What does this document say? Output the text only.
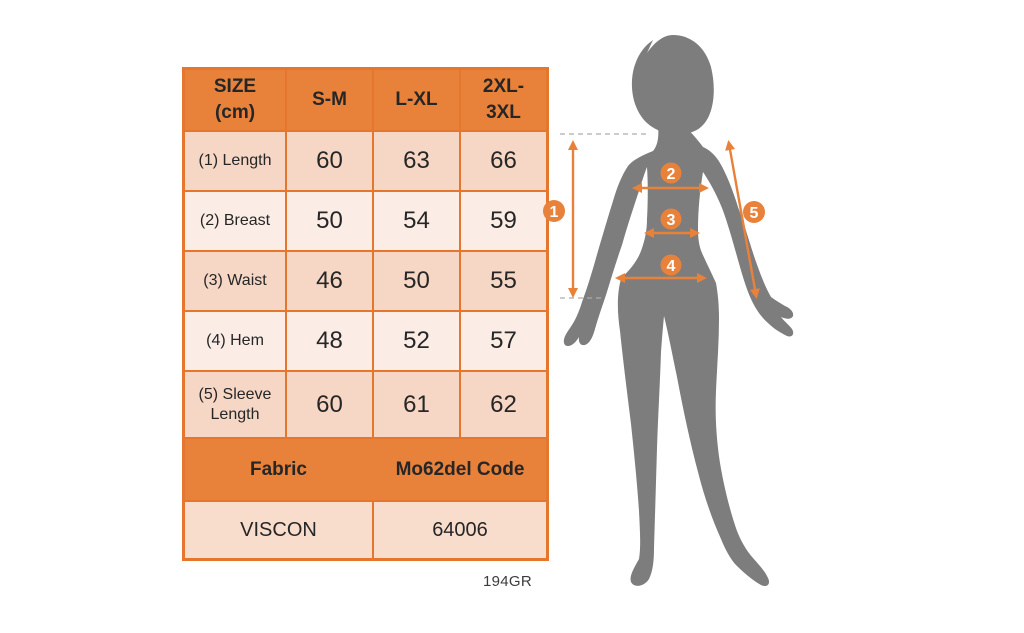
SIZE (cm)	S-M	L-XL	2XL-3XL
(1) Length	60	63	66
(2) Breast	50	54	59
(3) Waist	46	50	55
(4) Hem	48	52	57
(5) Sleeve Length	60	61	62
Fabric		Mo62del Code	
VISCON		64006	
194GR
1
2
3
4
5
